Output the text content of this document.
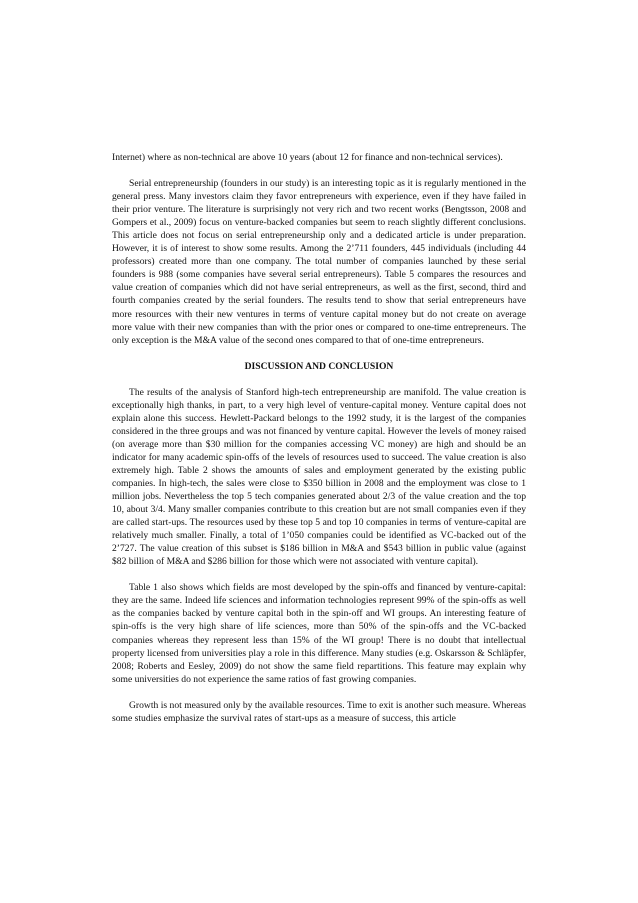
Internet) where as non-technical are above 10 years (about 12 for finance and non-technical services).

Serial entrepreneurship (founders in our study) is an interesting topic as it is regularly mentioned in the general press. Many investors claim they favor entrepreneurs with experience, even if they have failed in their prior venture. The literature is surprisingly not very rich and two recent works (Bengtsson, 2008 and Gompers et al., 2009) focus on venture-backed companies but seem to reach slightly different conclusions. This article does not focus on serial entrepreneurship only and a dedicated article is under preparation. However, it is of interest to show some results. Among the 2’711 founders, 445 individuals (including 44 professors) created more than one company. The total number of companies launched by these serial founders is 988 (some companies have several serial entrepreneurs). Table 5 compares the resources and value creation of companies which did not have serial entrepreneurs, as well as the first, second, third and fourth companies created by the serial founders. The results tend to show that serial entrepreneurs have more resources with their new ventures in terms of venture capital money but do not create on average more value with their new companies than with the prior ones or compared to one-time entrepreneurs. The only exception is the M&A value of the second ones compared to that of one-time entrepreneurs.

DISCUSSION AND CONCLUSION

The results of the analysis of Stanford high-tech entrepreneurship are manifold. The value creation is exceptionally high thanks, in part, to a very high level of venture-capital money. Venture capital does not explain alone this success. Hewlett-Packard belongs to the 1992 study, it is the largest of the companies considered in the three groups and was not financed by venture capital. However the levels of money raised (on average more than $30 million for the companies accessing VC money) are high and should be an indicator for many academic spin-offs of the levels of resources used to succeed. The value creation is also extremely high. Table 2 shows the amounts of sales and employment generated by the existing public companies. In high-tech, the sales were close to $350 billion in 2008 and the employment was close to 1 million jobs. Nevertheless the top 5 tech companies generated about 2/3 of the value creation and the top 10, about 3/4. Many smaller companies contribute to this creation but are not small companies even if they are called start-ups. The resources used by these top 5 and top 10 companies in terms of venture-capital are relatively much smaller. Finally, a total of 1’050 companies could be identified as VC-backed out of the 2’727. The value creation of this subset is $186 billion in M&A and $543 billion in public value (against $82 billion of M&A and $286 billion for those which were not associated with venture capital).

Table 1 also shows which fields are most developed by the spin-offs and financed by venture-capital: they are the same. Indeed life sciences and information technologies represent 99% of the spin-offs as well as the companies backed by venture capital both in the spin-off and WI groups. An interesting feature of spin-offs is the very high share of life sciences, more than 50% of the spin-offs and the VC-backed companies whereas they represent less than 15% of the WI group! There is no doubt that intellectual property licensed from universities play a role in this difference. Many studies (e.g. Oskarsson & Schläpfer, 2008; Roberts and Eesley, 2009) do not show the same field repartitions. This feature may explain why some universities do not experience the same ratios of fast growing companies.

Growth is not measured only by the available resources. Time to exit is another such measure. Whereas some studies emphasize the survival rates of start-ups as a measure of success, this article
